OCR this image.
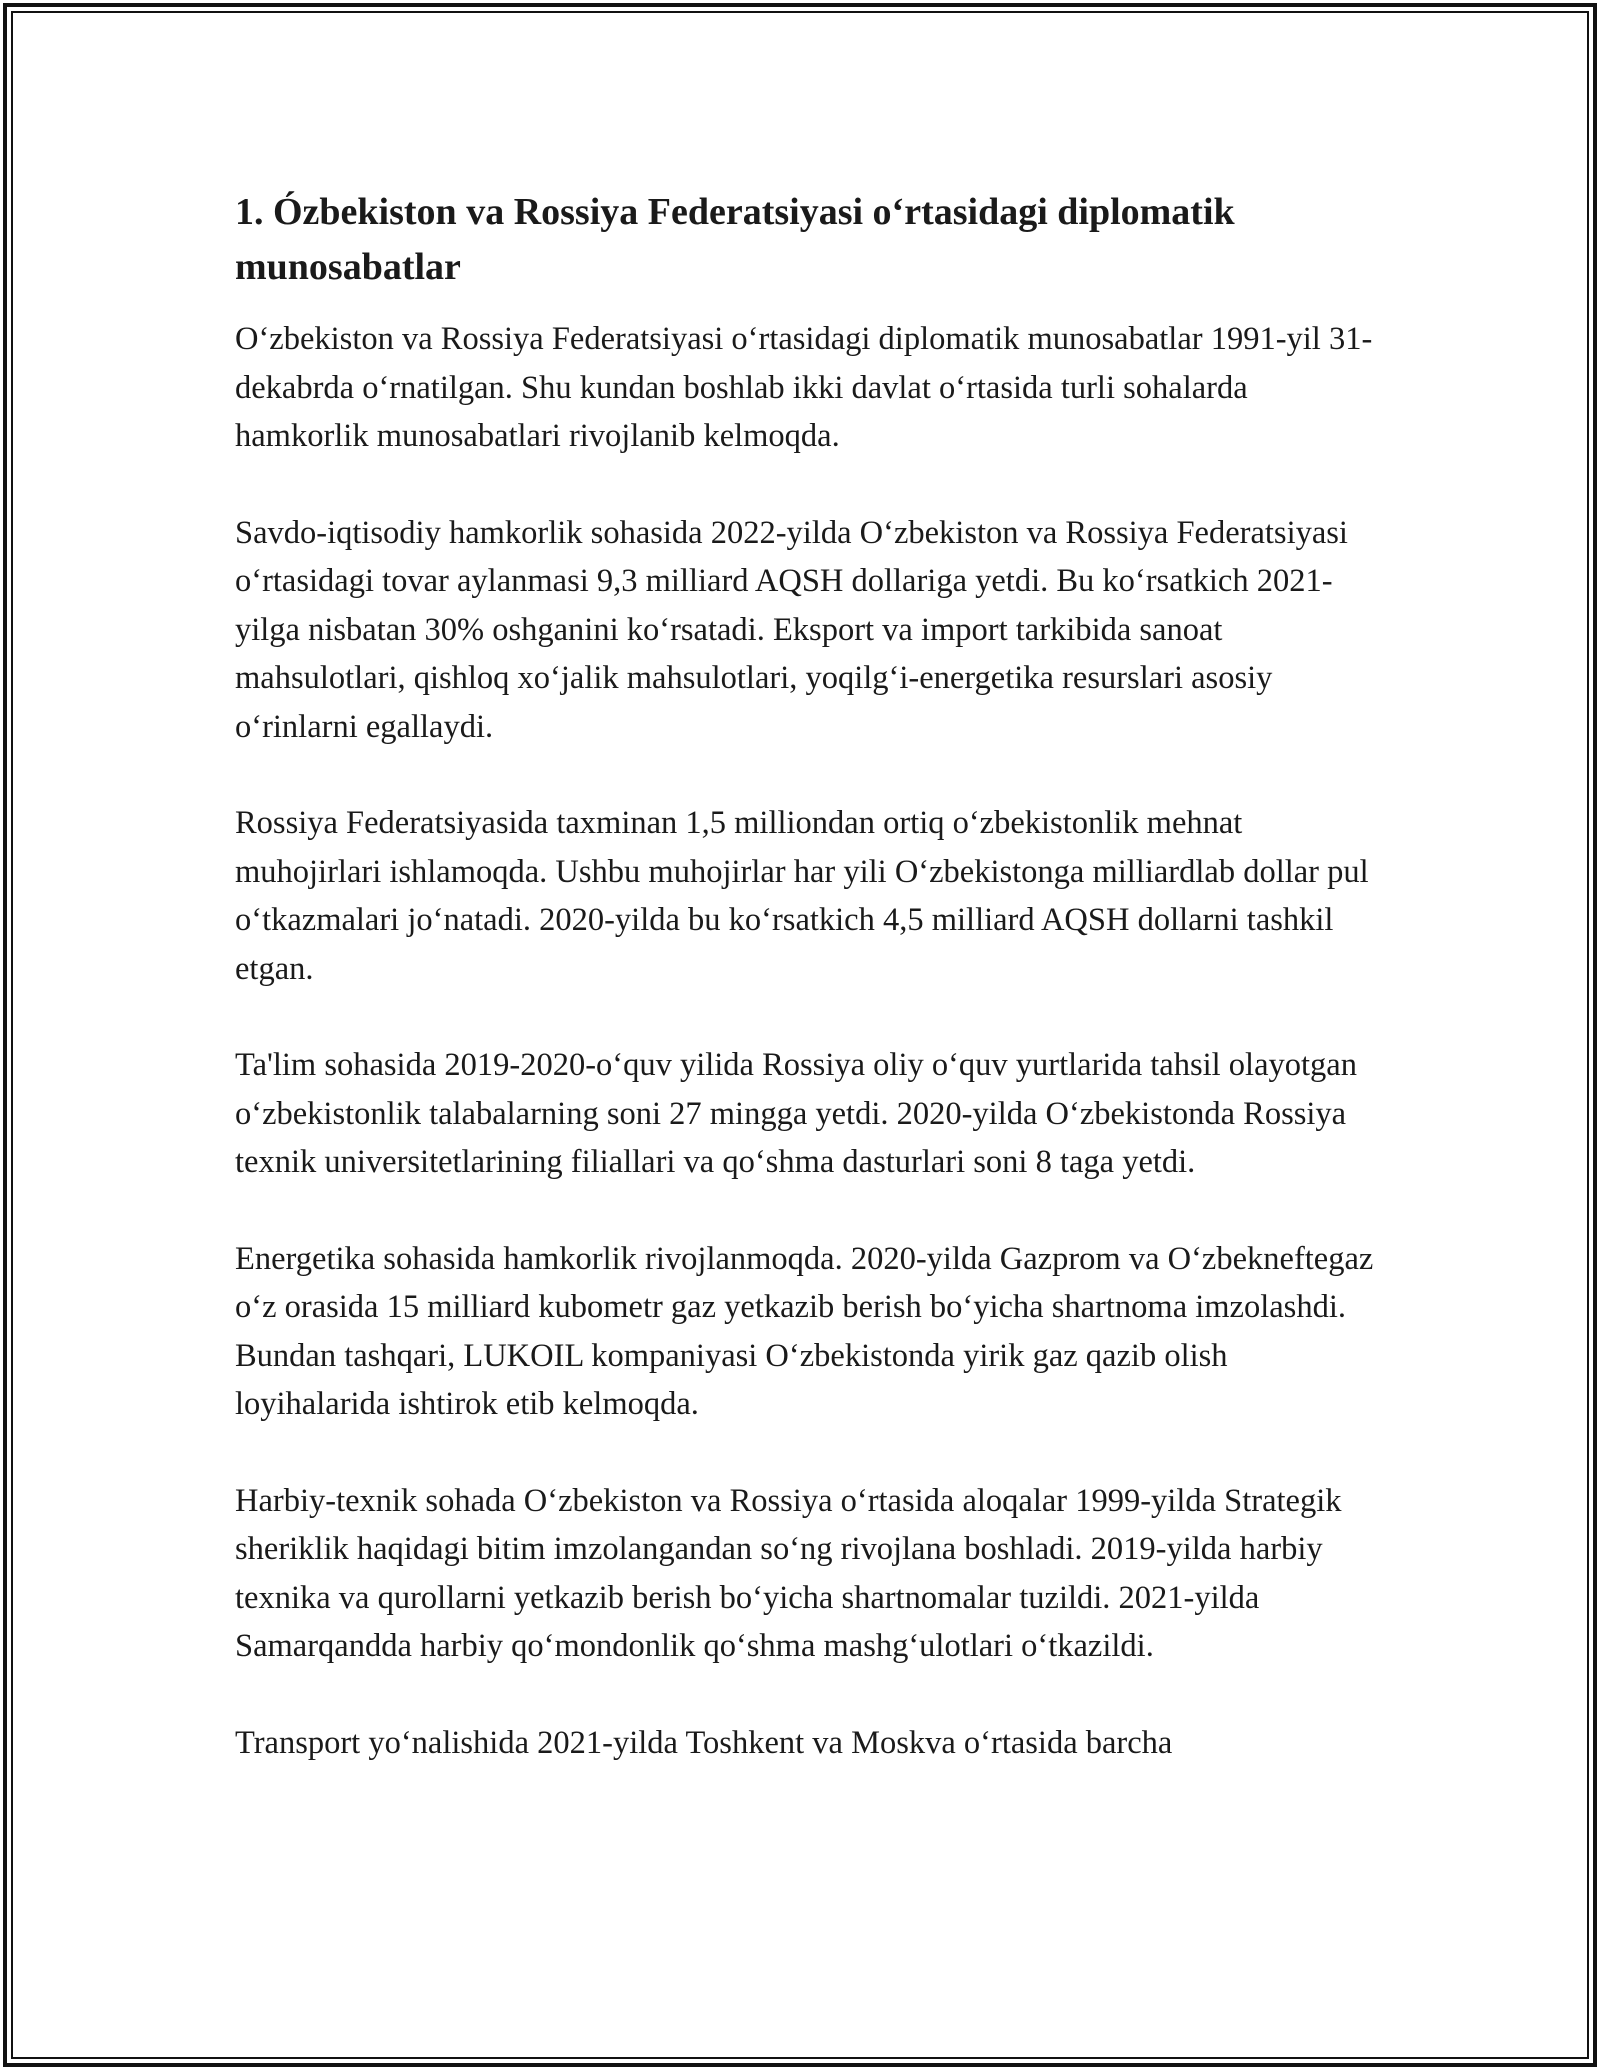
1. Ózbekiston va Rossiya Federatsiyasi o‘rtasidagi diplomatik munosabatlar

O‘zbekiston va Rossiya Federatsiyasi o‘rtasidagi diplomatik munosabatlar 1991-yil 31-dekabrda o‘rnatilgan. Shu kundan boshlab ikki davlat o‘rtasida turli sohalarda hamkorlik munosabatlari rivojlanib kelmoqda.

Savdo-iqtisodiy hamkorlik sohasida 2022-yilda O‘zbekiston va Rossiya Federatsiyasi o‘rtasidagi tovar aylanmasi 9,3 milliard AQSH dollariga yetdi. Bu ko‘rsatkich 2021-yilga nisbatan 30% oshganini ko‘rsatadi. Eksport va import tarkibida sanoat mahsulotlari, qishloq xo‘jalik mahsulotlari, yoqilg‘i-energetika resurslari asosiy o‘rinlarni egallaydi.

Rossiya Federatsiyasida taxminan 1,5 milliondan ortiq o‘zbekistonlik mehnat muhojirlari ishlamoqda. Ushbu muhojirlar har yili O‘zbekistonga milliardlab dollar pul o‘tkazmalari jo‘natadi. 2020-yilda bu ko‘rsatkich 4,5 milliard AQSH dollarni tashkil etgan.

Ta'lim sohasida 2019-2020-o‘quv yilida Rossiya oliy o‘quv yurtlarida tahsil olayotgan o‘zbekistonlik talabalarning soni 27 mingga yetdi. 2020-yilda O‘zbekistonda Rossiya texnik universitetlarining filiallari va qo‘shma dasturlari soni 8 taga yetdi.

Energetika sohasida hamkorlik rivojlanmoqda. 2020-yilda Gazprom va O‘zbekneftegaz o‘z orasida 15 milliard kubometr gaz yetkazib berish bo‘yicha shartnoma imzolashdi. Bundan tashqari, LUKOIL kompaniyasi O‘zbekistonda yirik gaz qazib olish loyihalarida ishtirok etib kelmoqda.

Harbiy-texnik sohada O‘zbekiston va Rossiya o‘rtasida aloqalar 1999-yilda Strategik sheriklik haqidagi bitim imzolangandan so‘ng rivojlana boshladi. 2019-yilda harbiy texnika va qurollarni yetkazib berish bo‘yicha shartnomalar tuzildi. 2021-yilda Samarqandda harbiy qo‘mondonlik qo‘shma mashg‘ulotlari o‘tkazildi.

Transport yo‘nalishida 2021-yilda Toshkent va Moskva o‘rtasida barcha
